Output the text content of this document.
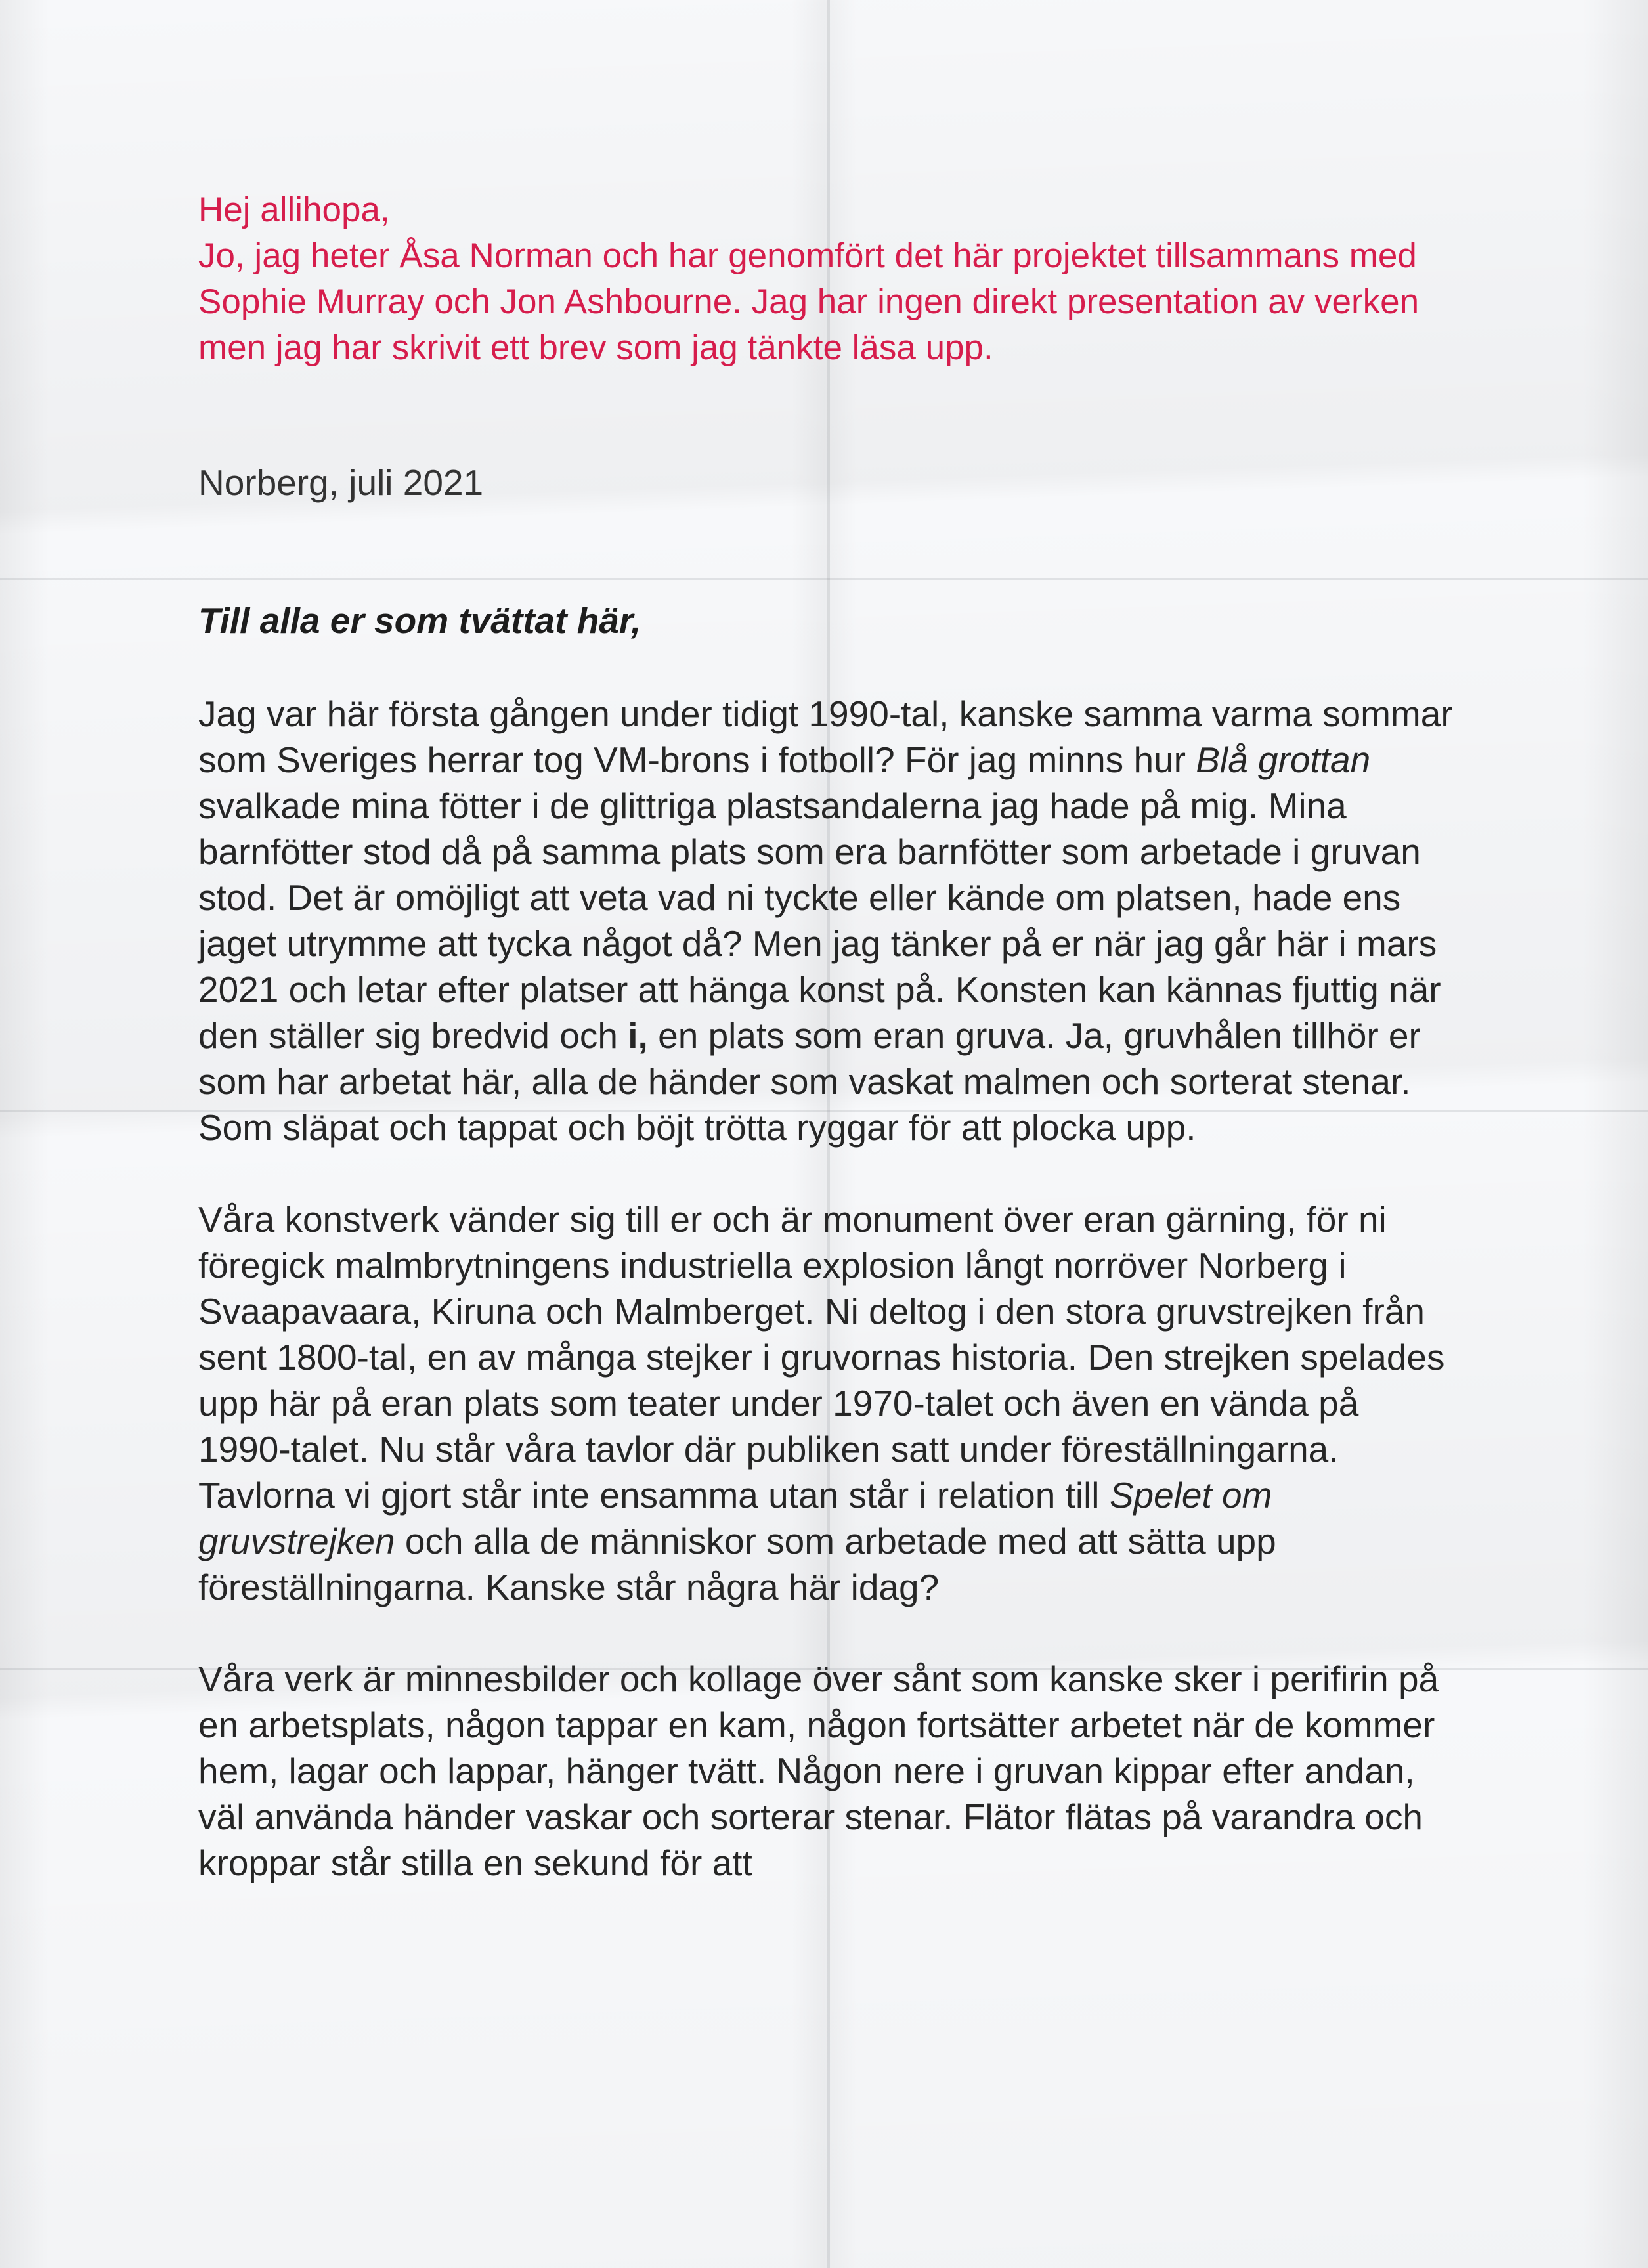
Hej allihopa,

Jo, jag heter Åsa Norman och har genomfört det här projektet tillsammans med Sophie Murray och Jon Ashbourne. Jag har ingen direkt presentation av verken men jag har skrivit ett brev som jag tänkte läsa upp.

Norberg, juli 2021

Till alla er som tvättat här,

Jag var här första gången under tidigt 1990-tal, kanske samma varma sommar som Sveriges herrar tog VM-brons i fotboll? För jag minns hur Blå grottan svalkade mina fötter i de glittriga plastsandalerna jag hade på mig. Mina barnfötter stod då på samma plats som era barnfötter som arbetade i gruvan stod. Det är omöjligt att veta vad ni tyckte eller kände om platsen, hade ens jaget utrymme att tycka något då? Men jag tänker på er när jag går här i mars 2021 och letar efter platser att hänga konst på. Konsten kan kännas fjuttig när den ställer sig bredvid och i, en plats som eran gruva. Ja, gruvhålen tillhör er som har arbetat här, alla de händer som vaskat malmen och sorterat stenar. Som släpat och tappat och böjt trötta ryggar för att plocka upp.

Våra konstverk vänder sig till er och är monument över eran gärning, för ni föregick malmbrytningens industriella explosion långt norröver Norberg i Svaapavaara, Kiruna och Malmberget. Ni deltog i den stora gruvstrejken från sent 1800-tal, en av många stejker i gruvornas historia. Den strejken spelades upp här på eran plats som teater under 1970-talet och även en vända på 1990-talet. Nu står våra tavlor där publiken satt under föreställningarna. Tavlorna vi gjort står inte ensamma utan står i relation till Spelet om gruvstrejken och alla de människor som arbetade med att sätta upp föreställningarna. Kanske står några här idag?

Våra verk är minnesbilder och kollage över sånt som kanske sker i perifirin på en arbetsplats, någon tappar en kam, någon fortsätter arbetet när de kommer hem, lagar och lappar, hänger tvätt. Någon nere i gruvan kippar efter andan, väl använda händer vaskar och sorterar stenar. Flätor flätas på varandra och kroppar står stilla en sekund för att
